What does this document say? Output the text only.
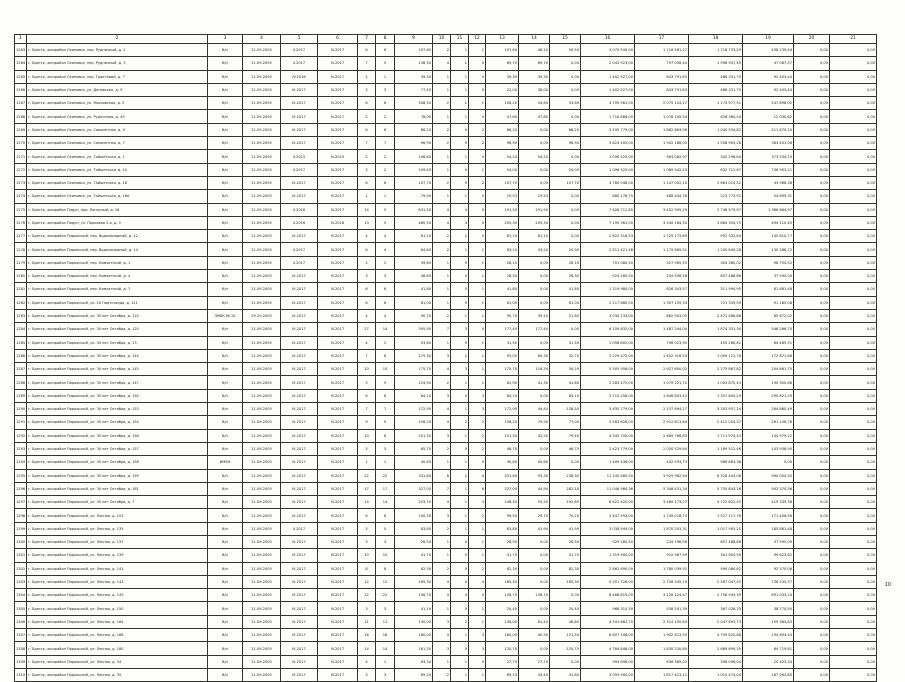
1	2	3	4	5	6	7	8	9	10	11	12	13	14	15	16	17	18	19	20	21
1263	г. Братск, жилрайон Осиновка, пер. Рудничный, д. 2	б/н	21.09.2005	II.2017	IV.2017	6	6	107,60	2	1	1	107,60	48,10	59,50	3 075 549,00	1 718 561,27	1 718 733,29	438 239,44	0,00	0,00
1264	г. Братск, жилрайон Осиновка, пер. Рудничный, д. 3	б/н	21.09.2005	II.2017	IV.2017	7	5	136,50	4	1	0	69,70	69,70	0,00	2 043 923,00	797 058,44	1 998 947,49	47 087,57	0,00	0,00
1265	г. Братск, жилрайон Осиновка, пер. Трактовый, д. 7	б/н	21.09.2005	IV.2016	IV.2017	1	1	39,30	1	1	0	39,30	39,30	0,00	1 402 527,00	843 791,83	486 331,75	92 403,44	0,00	0,00
1266	г. Братск, жилрайон Осиновка, ул. Деповская, д. 5	б/н	21.09.2005	III.2017	IV.2017	3	3	77,40	1	1	0	22,00	38,00	0,00	1 402 527,00	843 791,83	486 331,75	92 403,44	0,00	0,00
1267	г. Братск, жилрайон Осиновка, ул. Московская, д. 5	б/н	21.09.2005	III.2017	IV.2017	6	6	308,50	2	1	1	108,20	54,60	53,60	3 795 961,00	2 075 124,27	1 174 977,51	547 898,02	0,00	0,00
1268	г. Братск, жилрайон Осиновка, ул. Рудничная, д. 49	б/н	21.09.2005	III.2017	IV.2017	2	2	78,00	1	1	0	47,80	47,80	0,00	1 716 886,00	1 078 195,54	626 380,54	12 030,62	0,00	0,00
1269	г. Братск, жилрайон Осиновка, ул. Самолетная, д. 9	б/н	21.09.2005	III.2017	IV.2017	6	6	86,20	2	0	2	86,20	0,00	86,20	3 435 779,00	1 882 863,98	1 040 534,82	511 879,20	0,00	0,00
1270	г. Братск, жилрайон Осиновка, ул. Самолетная, д. 7	б/н	21.09.2005	III.2017	IV.2017	7	7	96,90	2	0	2	96,90	0,00	96,90	3 824 405,00	1 902 188,05	1 558 905,28	363 401,06	0,00	0,00
1271	г. Братск, жилрайон Осиновка, ул. Тайшетская, д. 1	б/н	21.09.2005	II.2015	IV.2015	2	2	108,60	1	1	0	54,20	54,20	0,00	1 096 525,00	963 082,97	342 296,84	373 534,19	0,00	0,00
1272	г. Братск, жилрайон Осиновка, ул. Тайшетская, д. 10	б/н	21.09.2005	II.2017	IV.2017	3	2	109,40	1	0	1	54,00	0,00	54,00	1 096 525,00	1 089 942,23	632 712,67	736 903,21	0,00	0,00
1273	г. Братск, жилрайон Осиновка, ул. Тайшетская, д. 16	б/н	21.09.2005	III.2017	IV.2017	6	6	107,70	2	0	2	107,70	0,00	107,70	3 760 048,00	1 147 052,10	2 663 010,52	43 988,38	0,00	0,00
1274	г. Братск, жилрайон Осиновка, ул. Тайшетская, д. 16А	б/н	21.09.2005	III.2017	IV.2017	1	1	79,90	1	1	0	19,53	19,53	0,00	680 178,75	488 444,76	223 773,91	54 899,31	0,00	0,00
1275	г. Братск, жилрайон Падун, пер. Лагерный, д. 16	б/н	21.09.2005	II.2016	IV.2017	14	5	631,50	4	4	0	191,50	191,50	0,00	7 628 712,85	3 452 995,29	2 748 579,97	1 366 864,97	0,00	0,00
1276	г. Братск, жилрайон Падун, ул. Парковая 2-я, д. 3	б/н	21.09.2005	II.2016	IV.2016	13	5	480,50	4	4	0	205,30	205,30	0,00	7 195 361,00	3 540 164,50	3 864 354,75	494 110,45	0,00	0,00
1277	г. Братск, жилрайон Порожский, пер. Водонапорный, д. 12	б/н	21.09.2005	III.2017	IV.2017	4	4	81,10	2	2	0	81,10	81,10	0,00	2 822 316,53	1 725 173,89	952 332,84	145 810,77	0,00	0,00
1278	г. Братск, жилрайон Порожский, пер. Водонапорный, д. 14	б/н	21.09.2005	II.2017	IV.2017	8	4	64,60	2	1	1	63,10	43,20	20,90	2 511 421,58	1 179 865,51	1 200 849,28	130 586,72	0,00	0,00
1279	г. Братск, жилрайон Порожский, пер. Камчатский, д. 1	б/н	21.09.2005	II.2017	IV.2017	2	2	39,60	1	0	1	28,10	0,00	28,10	701 080,50	327 965,55	304 360,02	98 754,52	0,00	0,00
1280	г. Братск, жилрайон Порожский, пер. Камчатский, д. 4	б/н	21.09.2005	III.2017	IV.2017	3	3	48,80	1	0	1	28,30	0,00	28,30	924 280,50	234 598,58	657 488,86	37 595,09	0,00	0,00
1281	г. Братск, жилрайон Порожский, пер. Камчатский, д. 7	б/н	21.09.2005	III.2017	IV.2017	6	6	41,80	1	0	1	41,80	0,00	41,80	1 219 980,00	826 343,57	311 994,95	81 681,48	0,00	0,00
1282	г. Братск, жилрайон Порожский, ул. 20 Партсъезда, д. 121	б/н	21.09.2005	III.2017	IV.2017	6	6	61,00	1	0	1	61,00	0,00	61,00	2 117 680,00	1 307 155,33	721 339,59	91 185,08	0,00	0,00
1283	г. Братск, жилрайон Порожский, ул. 30 лет Октября, д. 120	ЗМЕК № 10	29.10.2005	III.2017	IV.2017	4	4	90,70	2	1	1	90,70	39,10	51,60	3 030 133,00	862 903,05	2 471 586,88	85 672,02	0,00	0,00
1284	г. Братск, жилрайон Порожский, ул. 30 лет Октября, д. 120	б/н	21.09.2005	III.2017	IV.2017	27	14	395,90	7	3	0	177,40	177,40	0,00	6 159 832,00	1 487 244,00	1 874 331,30	548 266,70	0,00	0,00
1285	г. Братск, жилрайон Порожский, ул. 30 лет Октября, д. 13	б/н	21.09.2005	III.2017	IV.2017	4	2	53,60	1	0	1	31,50	0,00	31,50	1 098 802,00	796 023,95	455 280,61	64 485,51	0,00	0,00
1286	г. Братск, жилрайон Порожский, ул. 30 лет Октября, д. 144	б/н	21.09.2005	III.2017	IV.2017	7	6	175,30	3	2	1	93,00	60,30	32,70	3 229 472,00	1 452 316,54	1 009 121,78	172 871,68	0,00	0,00
1287	г. Братск, жилрайон Порожский, ул. 30 лет Октября, д. 145	б/н	21.09.2005	III.2017	IV.2017	10	10	175,70	4	3	1	175,70	116,50	59,20	5 505 956,00	2 927 600,02	2 275 867,82	204 661,75	0,00	0,00
1288	г. Братск, жилрайон Порожский, ул. 30 лет Октября, д. 147	б/н	21.09.2005	III.2017	IV.2017	5	5	124,90	2	1	1	82,90	41,30	41,60	2 283 472,00	1 079 221,72	1 003 870,43	190 350,86	0,00	0,00
1289	г. Братск, жилрайон Порожский, ул. 30 лет Октября, д. 150	б/н	21.09.2005	III.2017	IV.2017	6	6	84,10	3	0	3	84,10	0,00	84,10	3 215 256,00	1 848 803,43	1 357 805,29	290 821,29	0,00	0,00
1290	г. Братск, жилрайон Порожский, ул. 30 лет Октября, д. 153	б/н	21.09.2005	III.2017	IV.2017	7	7	172,90	4	1	3	172,90	44,40	128,50	5 635 779,00	2 137 694,27	3 303 957,24	264 860,49	0,00	0,00
1291	г. Братск, жилрайон Порожский, ул. 30 лет Октября, д. 154	б/н	21.09.2005	III.2017	IV.2017	9	9	156,20	4	2	2	156,20	79,90	77,00	5 583 626,00	2 912 813,64	2 412 054,37	261 106,78	0,00	0,00
1292	г. Братск, жилрайон Порожский, ул. 30 лет Октября, д. 156	б/н	21.09.2005	III.2017	IV.2017	10	6	151,30	3	1	2	151,30	42,50	79,40	4 545 700,00	2 689 786,83	1 711 974,43	144 979,22	0,00	0,00
1293	г. Братск, жилрайон Порожский, ул. 30 лет Октября, д. 157	б/н	21.09.2005	III.2017	IV.2017	5	3	85,70	2	0	2	46,70	0,00	46,70	2 423 779,00	2 050 529,64	1 169 512,46	143 936,90	0,00	0,00
1294	г. Братск, жилрайон Порожский, ул. 30 лет Октября, д. 158	ИМБК	21.09.2005	III.2017	IV.2017	1	1	40,60	1	1	0	40,60	40,60	0,00	1 409 438,00	442 593,73	966 863,36	0,00	0,00	0,00
1295	г. Братск, жилрайон Порожский, ул. 30 лет Октября, д. 159	б/н	21.09.2005	III.2017	IV.2017	22	22	331,60	6	2	4	331,60	93,30	238,30	11 245 480,50	3 925 982,94	6 328 443,06	990 054,50	0,00	0,00
1296	г. Братск, жилрайон Порожский, ул. 30 лет Октября, д. 161	б/н	21.09.2005	III.2017	IV.2017	17	17	327,00	7	1	6	327,00	44,90	282,10	11 046 960,36	5 348 431,34	5 755 843,26	942 370,36	0,00	0,00
1297	г. Братск, жилрайон Порожский, ул. 30 лет Октября, д. 7	б/н	21.09.2005	III.2017	IV.2017	14	14	253,10	4	1	3	248,30	55,50	192,80	8 622 420,00	3 480 173,07	4 722 822,45	419 339,38	0,00	0,00
1298	г. Братск, жилрайон Порожский, ул. Лесная, д. 103	б/н	21.09.2005	III.2017	IV.2017	6	6	100,30	3	1	2	99,50	29,70	70,20	3 447 593,00	1 749 018,73	1 527 117,76	171 456,56	0,00	0,00
1299	г. Братск, жилрайон Порожский, ул. Лесная, д. 135	б/н	21.09.2005	II.2017	IV.2017	5	5	83,80	2	1	1	83,80	41,90	41,90	3 038 949,00	1 870 203,31	1 017 905,21	185 881,48	0,00	0,00
1300	г. Братск, жилрайон Порожский, ул. Лесная, д. 137	б/н	21.09.2005	III.2017	IV.2017	3	3	26,50	1	0	1	26,50	0,00	26,50	929 280,50	234 196,96	657 488,86	37 595,09	0,00	0,00
1301	г. Братск, жилрайон Порожский, ул. Лесная, д. 139	б/н	21.09.2005	III.2017	IV.2017	10	10	41,70	1	0	1	41,70	0,00	41,70	1 319 900,00	915 367,99	301 904,59	99 623,62	0,00	0,00
1302	г. Братск, жилрайон Порожский, ул. Лесная, д. 141	б/н	21.09.2005	III.2017	IV.2017	8	8	82,30	2	0	2	82,30	0,00	82,30	2 862 690,00	1 780 039,92	990 080,62	92 570,06	0,00	0,00
1303	г. Братск, жилрайон Порожский, ул. Лесная, д. 143	б/н	21.09.2005	III.2017	IV.2017	12	12	165,30	4	0	4	165,30	0,00	165,30	5 551 728,00	2 758 545,19	2 267 047,45	736 235,37	0,00	0,00
1304	г. Братск, жилрайон Порожский, ул. Лесная, д. 149	б/н	21.09.2005	III.2017	IV.2017	22	22	158,70	4	4	0	158,70	158,70	0,00	6 466 819,00	3 226 124,47	2 758 944,39	891 033,14	0,00	0,00
1305	г. Братск, жилрайон Порожский, ул. Лесная, д. 150	б/н	21.09.2005	III.2017	IV.2017	3	3	41,10	1	0	1	20,40	0,00	20,40	968 310,50	538 541,39	367 028,33	38 770,95	0,00	0,00
1306	г. Братск, жилрайон Порожский, ул. Лесная, д. 164	б/н	21.09.2005	III.2017	IV.2017	11	11	130,00	3	2	1	130,00	81,40	48,60	4 541 662,70	2 314 150,64	2 047 693,73	159 383,83	0,00	0,00
1307	г. Братск, жилрайон Порожский, ул. Лесная, д. 168	б/н	21.09.2005	III.2017	IV.2017	16	16	160,00	4	1	3	160,00	40,50	121,50	6 807 546,00	1 902 813,55	4 709 820,88	194 694,44	0,00	0,00
1308	г. Братск, жилрайон Порожский, ул. Лесная, д. 180	б/н	21.09.2005	III.2017	IV.2017	14	14	161,30	3	0	3	120,70	0,00	120,70	4 764 848,00	1 830 230,80	2 869 899,35	64 719,81	0,00	0,00
1309	г. Братск, жилрайон Порожский, ул. Лесная, д. 34	б/н	21.09.2005	III.2017	IV.2017	4	1	63,30	1	1	0	27,70	27,70	0,00	994 696,00	636 389,02	358 096,04	20 423,34	0,00	0,00
1310	г. Братск, жилрайон Порожский, ул. Лесная, д. 35	б/н	21.09.2005	III.2017	IV.2017	3	3	69,20	2	1	1	69,20	43,40	41,80	3 059 900,00	1 817 413,11	1 015 474,04	187 062,85	0,00	0,00
10
